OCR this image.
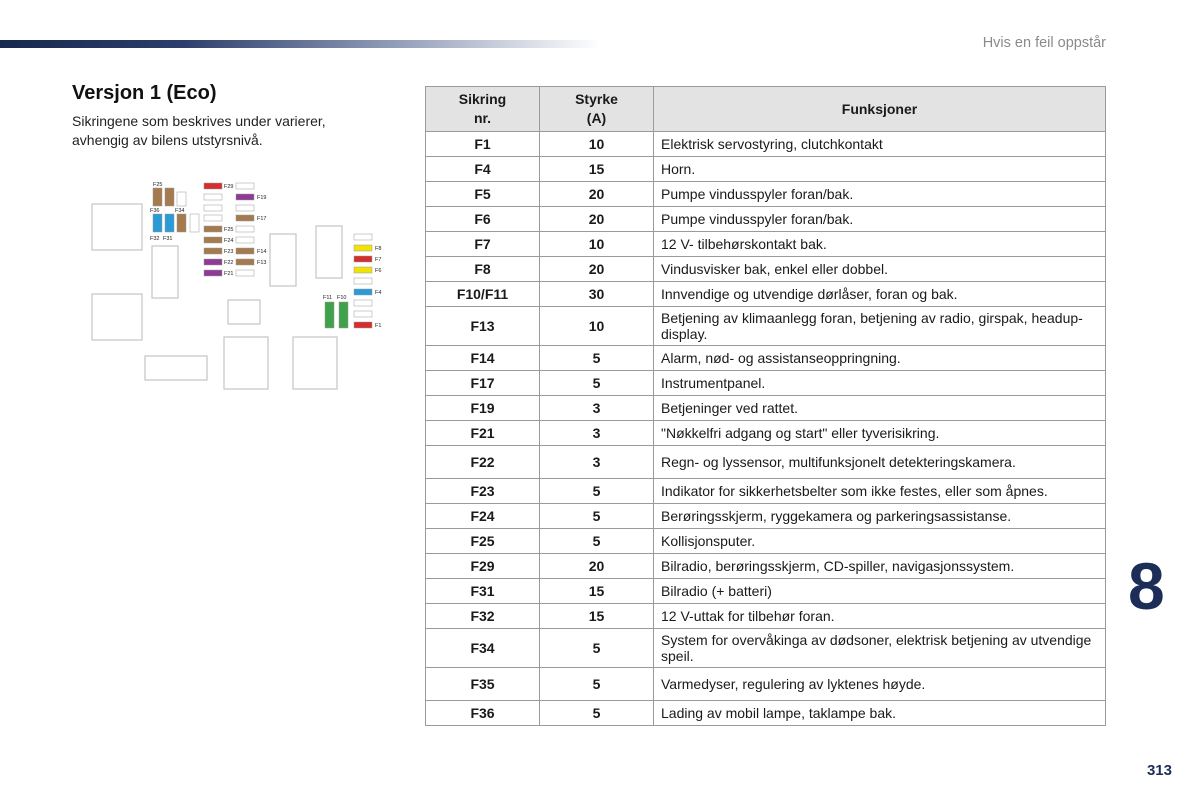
Hvis en feil oppstår
Versjon 1 (Eco)
Sikringene som beskrives under varierer, avhengig av bilens utstyrsnivå.
F25
F36	F34
F32 F31
F29
F19
F17
F25
F24
F23	F14
F22	F13
F21
F8
F7
F6
F11 F10
F4
F1
Sikring nr.	Styrke (A)	Funksjoner
F1	10	Elektrisk servostyring, clutchkontakt
F4	15	Horn.
F5	20	Pumpe vindusspyler foran/bak.
F6	20	Pumpe vindusspyler foran/bak.
F7	10	12 V- tilbehørskontakt bak.
F8	20	Vindusvisker bak, enkel eller dobbel.
F10/F11	30	Innvendige og utvendige dørlåser, foran og bak.
F13	10	Betjening av klimaanlegg foran, betjening av radio, girspak, headup-display.
F14	5	Alarm, nød- og assistanseoppringning.
F17	5	Instrumentpanel.
F19	3	Betjeninger ved rattet.
F21	3	"Nøkkelfri adgang og start" eller tyverisikring.
F22	3	Regn- og lyssensor, multifunksjonelt detekteringskamera.
F23	5	Indikator for sikkerhetsbelter som ikke festes, eller som åpnes.
F24	5	Berøringsskjerm, ryggekamera og parkeringsassistanse.
F25	5	Kollisjonsputer.
F29	20	Bilradio, berøringsskjerm, CD-spiller, navigasjonssystem.
F31	15	Bilradio (+ batteri)
F32	15	12 V-uttak for tilbehør foran.
F34	5	System for overvåkinga av dødsoner, elektrisk betjening av utvendige speil.
F35	5	Varmedyser, regulering av lyktenes høyde.
F36	5	Lading av mobil lampe, taklampe bak.
8
313
